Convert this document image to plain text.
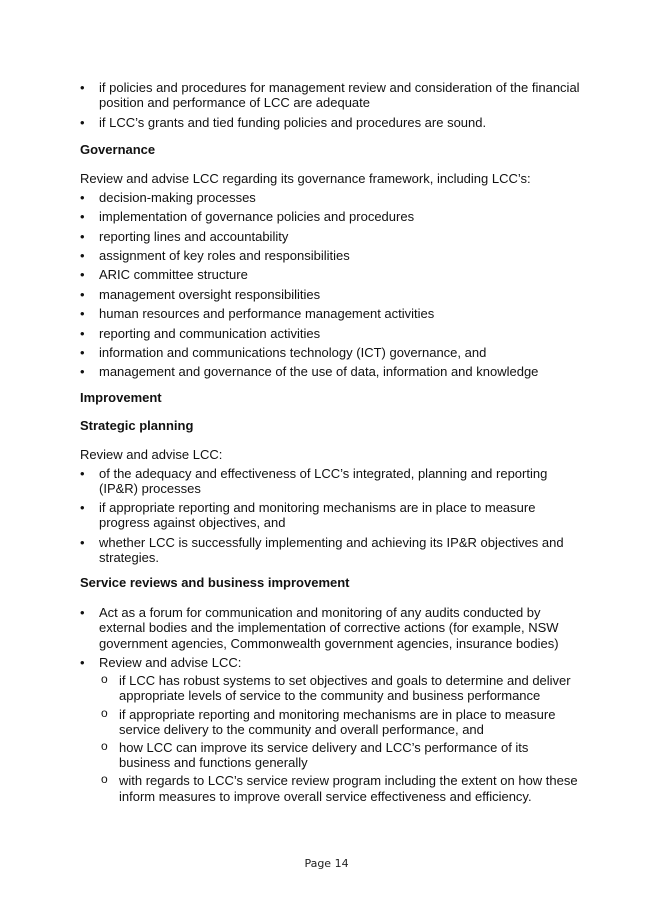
• if policies and procedures for management review and consideration of the financial position and performance of LCC are adequate
• if LCC’s grants and tied funding policies and procedures are sound.
Governance

Review and advise LCC regarding its governance framework, including LCC’s:

• decision-making processes
• implementation of governance policies and procedures
• reporting lines and accountability
• assignment of key roles and responsibilities
• ARIC committee structure
• management oversight responsibilities
• human resources and performance management activities
• reporting and communication activities
• information and communications technology (ICT) governance, and
• management and governance of the use of data, information and knowledge
Improvement
Strategic planning

Review and advise LCC:

• of the adequacy and effectiveness of LCC’s integrated, planning and reporting (IP&R) processes
• if appropriate reporting and monitoring mechanisms are in place to measure progress against objectives, and
• whether LCC is successfully implementing and achieving its IP&R objectives and strategies.
Service reviews and business improvement
• Act as a forum for communication and monitoring of any audits conducted by external bodies and the implementation of corrective actions (for example, NSW government agencies, Commonwealth government agencies, insurance bodies)
• Review and advise LCC:
o if LCC has robust systems to set objectives and goals to determine and deliver appropriate levels of service to the community and business performance
o if appropriate reporting and monitoring mechanisms are in place to measure service delivery to the community and overall performance, and
o how LCC can improve its service delivery and LCC’s performance of its business and functions generally
o with regards to LCC’s service review program including the extent on how these inform measures to improve overall service effectiveness and efficiency.
Page 14
